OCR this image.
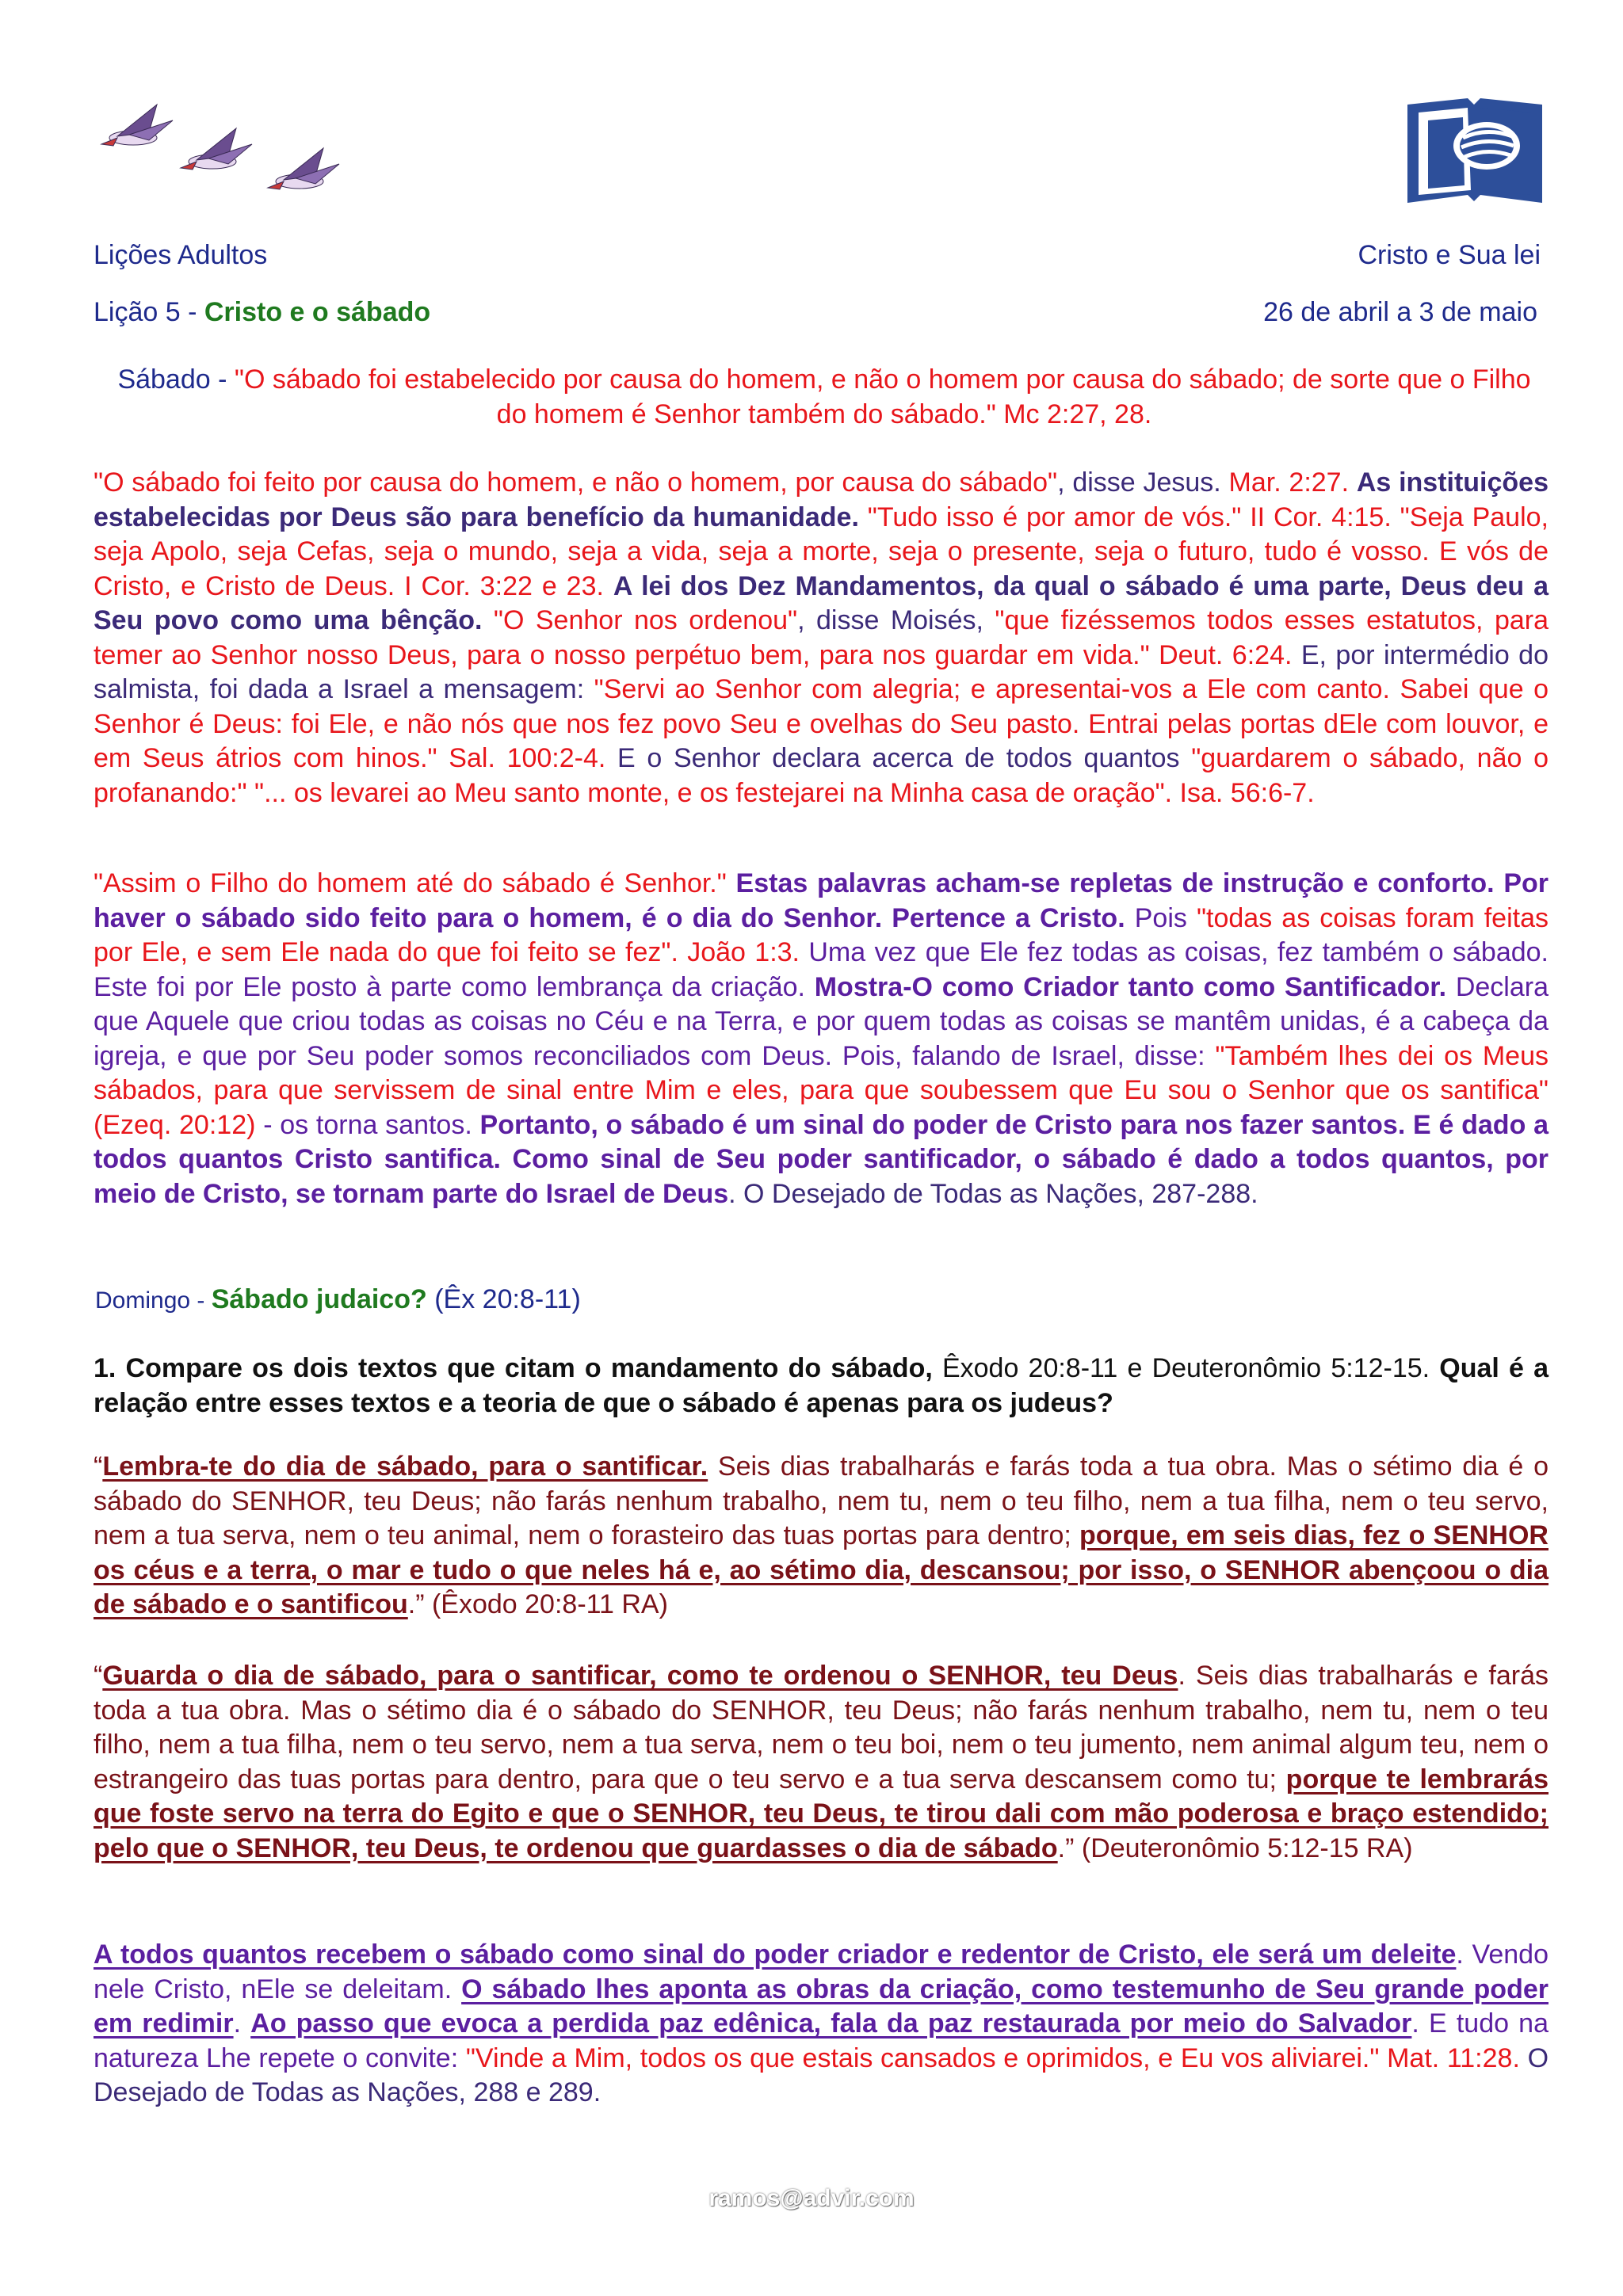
Lições Adultos	Cristo e Sua lei
Lição 5 - Cristo e o sábado	26 de abril a 3 de maio
Sábado - "O sábado foi estabelecido por causa do homem, e não o homem por causa do sábado; de sorte que o Filho do homem é Senhor também do sábado." Mc 2:27, 28.
"O sábado foi feito por causa do homem, e não o homem, por causa do sábado", disse Jesus. Mar. 2:27. As instituições estabelecidas por Deus são para benefício da humanidade. "Tudo isso é por amor de vós." II Cor. 4:15. "Seja Paulo, seja Apolo, seja Cefas, seja o mundo, seja a vida, seja a morte, seja o presente, seja o futuro, tudo é vosso. E vós de Cristo, e Cristo de Deus. I Cor. 3:22 e 23. A lei dos Dez Mandamentos, da qual o sábado é uma parte, Deus deu a Seu povo como uma bênção. "O Senhor nos ordenou", disse Moisés, "que fizéssemos todos esses estatutos, para temer ao Senhor nosso Deus, para o nosso perpétuo bem, para nos guardar em vida." Deut. 6:24. E, por intermédio do salmista, foi dada a Israel a mensagem: "Servi ao Senhor com alegria; e apresentai-vos a Ele com canto. Sabei que o Senhor é Deus: foi Ele, e não nós que nos fez povo Seu e ovelhas do Seu pasto. Entrai pelas portas dEle com louvor, e em Seus átrios com hinos." Sal. 100:2-4. E o Senhor declara acerca de todos quantos "guardarem o sábado, não o profanando:" "... os levarei ao Meu santo monte, e os festejarei na Minha casa de oração". Isa. 56:6-7.
"Assim o Filho do homem até do sábado é Senhor." Estas palavras acham-se repletas de instrução e conforto. Por haver o sábado sido feito para o homem, é o dia do Senhor. Pertence a Cristo. Pois "todas as coisas foram feitas por Ele, e sem Ele nada do que foi feito se fez". João 1:3. Uma vez que Ele fez todas as coisas, fez também o sábado. Este foi por Ele posto à parte como lembrança da criação. Mostra-O como Criador tanto como Santificador. Declara que Aquele que criou todas as coisas no Céu e na Terra, e por quem todas as coisas se mantêm unidas, é a cabeça da igreja, e que por Seu poder somos reconciliados com Deus. Pois, falando de Israel, disse: "Também lhes dei os Meus sábados, para que servissem de sinal entre Mim e eles, para que soubessem que Eu sou o Senhor que os santifica" (Ezeq. 20:12) - os torna santos. Portanto, o sábado é um sinal do poder de Cristo para nos fazer santos. E é dado a todos quantos Cristo santifica. Como sinal de Seu poder santificador, o sábado é dado a todos quantos, por meio de Cristo, se tornam parte do Israel de Deus. O Desejado de Todas as Nações, 287-288.
Domingo - Sábado judaico? (Êx 20:8-11)
1. Compare os dois textos que citam o mandamento do sábado, Êxodo 20:8-11 e Deuteronômio 5:12-15. Qual é a relação entre esses textos e a teoria de que o sábado é apenas para os judeus?
“Lembra-te do dia de sábado, para o santificar. Seis dias trabalharás e farás toda a tua obra. Mas o sétimo dia é o sábado do SENHOR, teu Deus; não farás nenhum trabalho, nem tu, nem o teu filho, nem a tua filha, nem o teu servo, nem a tua serva, nem o teu animal, nem o forasteiro das tuas portas para dentro; porque, em seis dias, fez o SENHOR os céus e a terra, o mar e tudo o que neles há e, ao sétimo dia, descansou; por isso, o SENHOR abençoou o dia de sábado e o santificou.” (Êxodo 20:8-11 RA)
“Guarda o dia de sábado, para o santificar, como te ordenou o SENHOR, teu Deus. Seis dias trabalharás e farás toda a tua obra. Mas o sétimo dia é o sábado do SENHOR, teu Deus; não farás nenhum trabalho, nem tu, nem o teu filho, nem a tua filha, nem o teu servo, nem a tua serva, nem o teu boi, nem o teu jumento, nem animal algum teu, nem o estrangeiro das tuas portas para dentro, para que o teu servo e a tua serva descansem como tu; porque te lembrarás que foste servo na terra do Egito e que o SENHOR, teu Deus, te tirou dali com mão poderosa e braço estendido; pelo que o SENHOR, teu Deus, te ordenou que guardasses o dia de sábado.” (Deuteronômio 5:12-15 RA)
A todos quantos recebem o sábado como sinal do poder criador e redentor de Cristo, ele será um deleite. Vendo nele Cristo, nEle se deleitam. O sábado lhes aponta as obras da criação, como testemunho de Seu grande poder em redimir. Ao passo que evoca a perdida paz edênica, fala da paz restaurada por meio do Salvador. E tudo na natureza Lhe repete o convite: "Vinde a Mim, todos os que estais cansados e oprimidos, e Eu vos aliviarei." Mat. 11:28. O Desejado de Todas as Nações, 288 e 289.
ramos@advir.com
